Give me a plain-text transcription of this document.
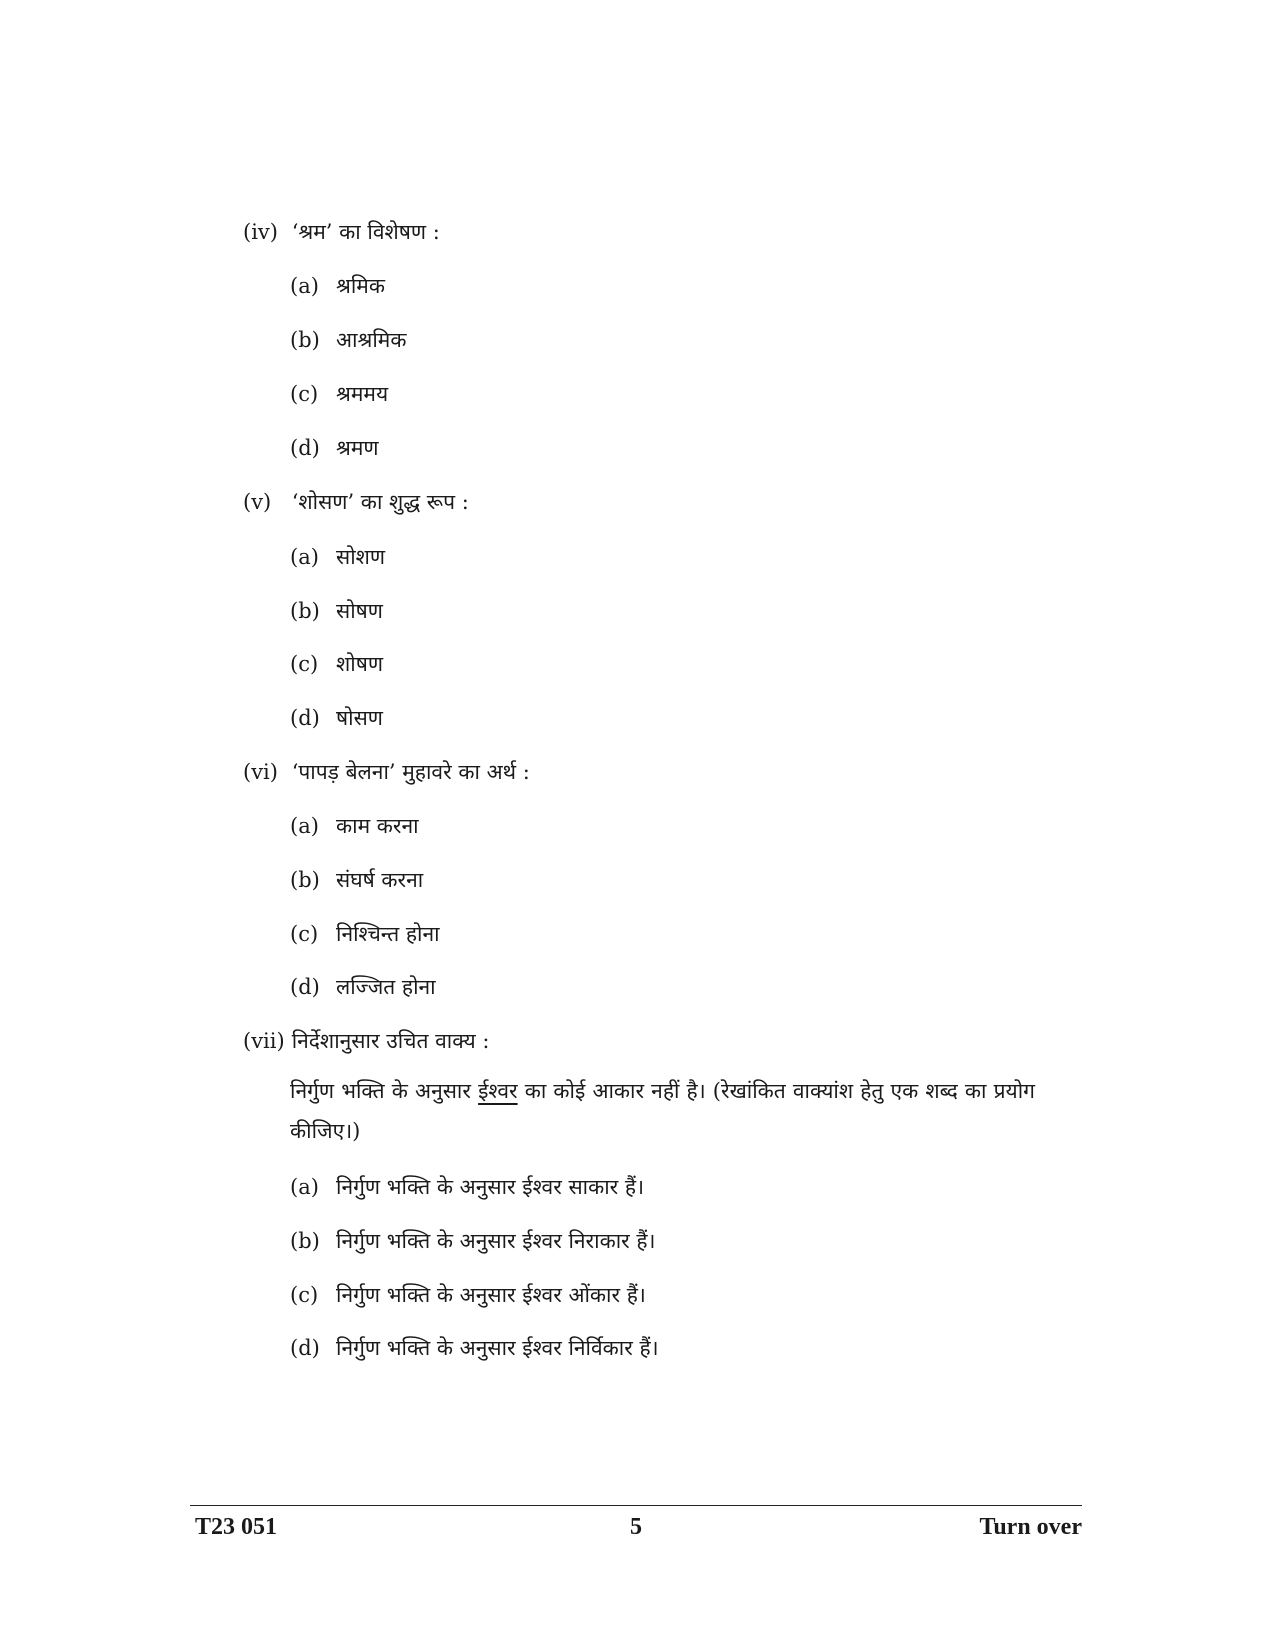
(iv) ‘श्रम’ का विशेषण :
(a) श्रमिक
(b) आश्रमिक
(c) श्रममय
(d) श्रमण
(v) ‘शोसण’ का शुद्ध रूप :
(a) सोशण
(b) सोषण
(c) शोषण
(d) षोसण
(vi) ‘पापड़ बेलना’ मुहावरे का अर्थ :
(a) काम करना
(b) संघर्ष करना
(c) निश्चिन्त होना
(d) लज्जित होना
(vii) निर्देशानुसार उचित वाक्य :
निर्गुण भक्ति के अनुसार ईश्वर का कोई आकार नहीं है। (रेखांकित वाक्यांश हेतु एक शब्द का प्रयोग कीजिए।)
(a) निर्गुण भक्ति के अनुसार ईश्वर साकार हैं।
(b) निर्गुण भक्ति के अनुसार ईश्वर निराकार हैं।
(c) निर्गुण भक्ति के अनुसार ईश्वर ओंकार हैं।
(d) निर्गुण भक्ति के अनुसार ईश्वर निर्विकार हैं।
T23 051	5	Turn over
